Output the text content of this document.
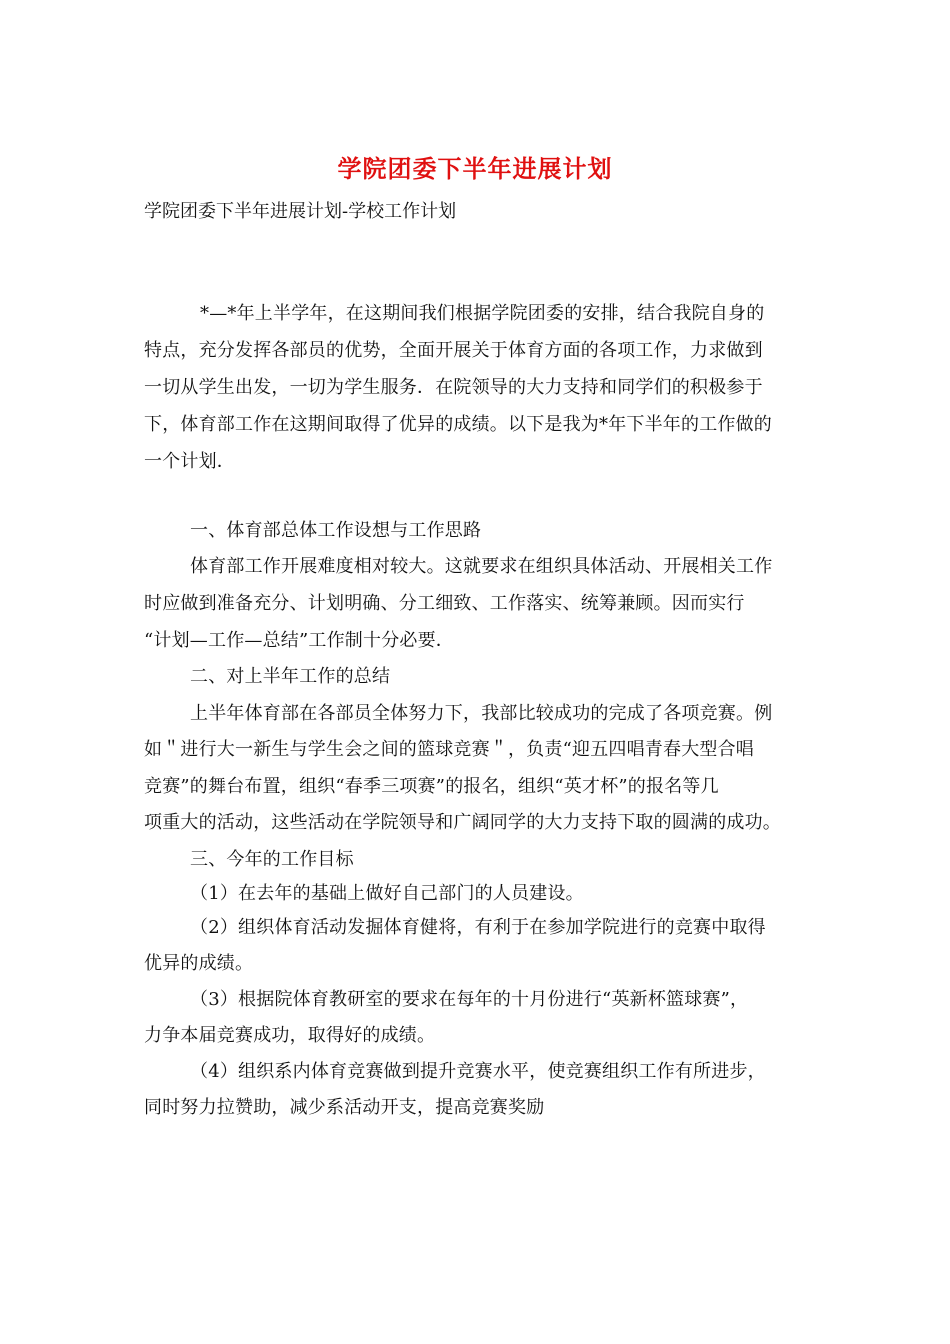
学院团委下半年进展计划
学院团委下半年进展计划-学校工作计划
*—*年上半学年，在这期间我们根据学院团委的安排，结合我院自身的
特点，充分发挥各部员的优势，全面开展关于体育方面的各项工作，力求做到
一切从学生出发，一切为学生服务．在院领导的大力支持和同学们的积极参于
下，体育部工作在这期间取得了优异的成绩。以下是我为*年下半年的工作做的
一个计划．
一、体育部总体工作设想与工作思路
体育部工作开展难度相对较大。这就要求在组织具体活动、开展相关工作
时应做到准备充分、计划明确、分工细致、工作落实、统筹兼顾。因而实行
“计划—工作—总结”工作制十分必要．
二、对上半年工作的总结
上半年体育部在各部员全体努力下，我部比较成功的完成了各项竞赛。例
如＂进行大一新生与学生会之间的篮球竞赛＂，负责“迎五四唱青春大型合唱
竞赛”的舞台布置，组织“春季三项赛”的报名，组织“英才杯”的报名等几
项重大的活动，这些活动在学院领导和广阔同学的大力支持下取的圆满的成功。
三、今年的工作目标
（1）在去年的基础上做好自己部门的人员建设。
（2）组织体育活动发掘体育健将，有利于在参加学院进行的竞赛中取得
优异的成绩。
（3）根据院体育教研室的要求在每年的十月份进行“英新杯篮球赛”，
力争本届竞赛成功，取得好的成绩。
（4）组织系内体育竞赛做到提升竞赛水平，使竞赛组织工作有所进步，
同时努力拉赞助，减少系活动开支，提高竞赛奖励
